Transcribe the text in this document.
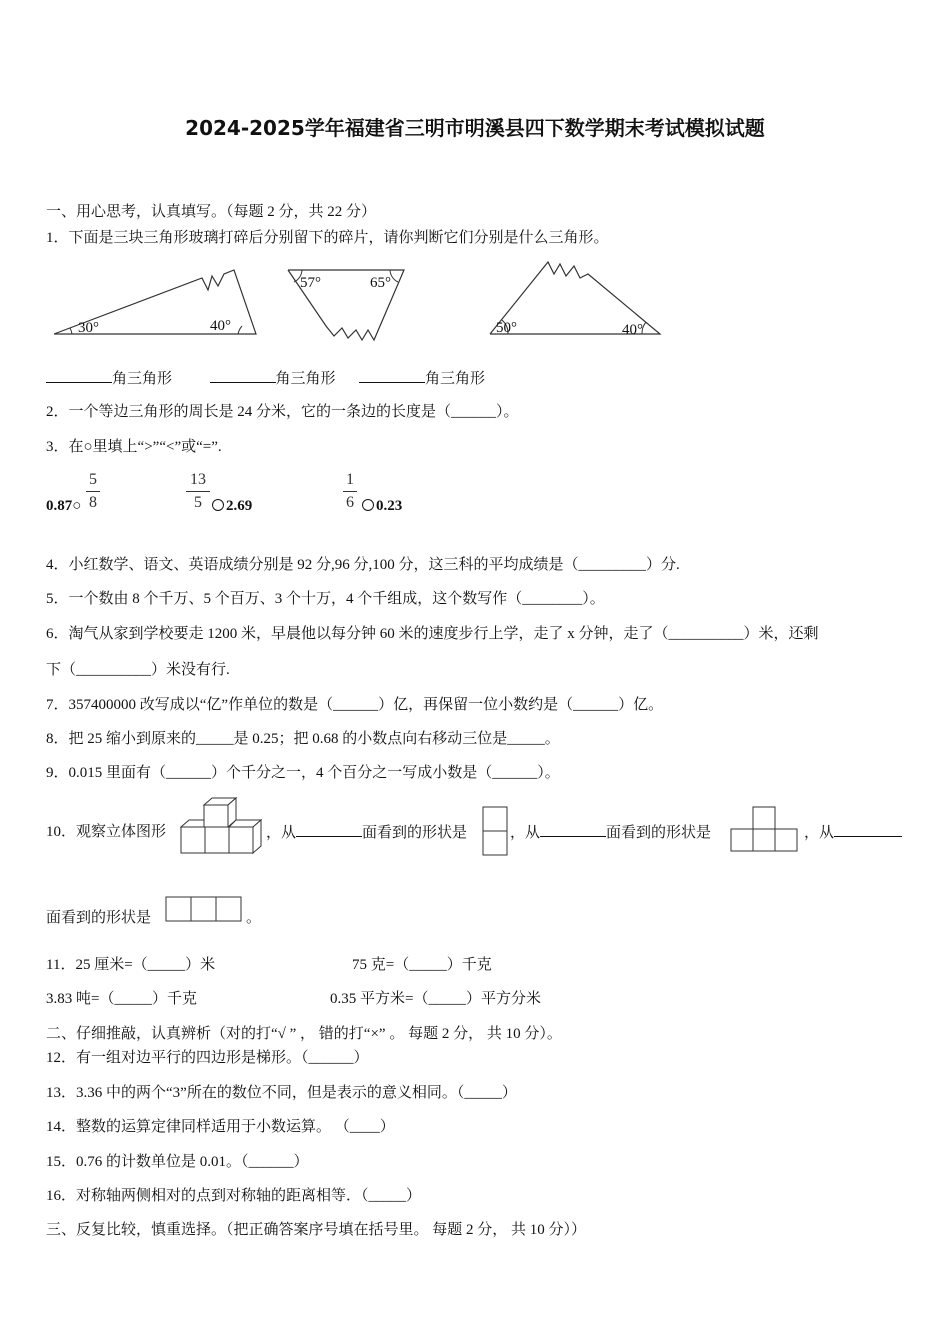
2024-2025学年福建省三明市明溪县四下数学期末考试模拟试题
一、用心思考，认真填写。（每题 2 分，共 22 分）
1．下面是三块三角形玻璃打碎后分别留下的碎片，请你判断它们分别是什么三角形。
30°	40°
57°	65°
50°	40°
角三角形	角三角形	角三角形
2．一个等边三角形的周长是 24 分米，它的一条边的长度是（______）。
3．在○里填上“>”“<”或“=”.
0.87○
5
8
13
5	2.69
1
6	0.23
4．小红数学、语文、英语成绩分别是 92 分,96 分,100 分，这三科的平均成绩是（_________）分.
5．一个数由 8 个千万、5 个百万、3 个十万，4 个千组成，这个数写作（________）。
6．淘气从家到学校要走 1200 米，早晨他以每分钟 60 米的速度步行上学，走了 x 分钟，走了（__________）米，还剩
下（__________）米没有行.
7．357400000 改写成以“亿”作单位的数是（______）亿，再保留一位小数约是（______）亿。
8．把 25 缩小到原来的_____是 0.25；把 0.68 的小数点向右移动三位是_____。
9．0.015 里面有（______）个千分之一，4 个百分之一写成小数是（______）。
10．观察立体图形	，从	面看到的形状是	，从	面看到的形状是	，从
面看到的形状是	。
11．25 厘米=（_____）米	75 克=（_____）千克
3.83 吨=（_____）千克	0.35 平方米=（_____）平方分米
二、仔细推敲，认真辨析（对的打“√ ” ， 错的打“×” 。 每题 2 分， 共 10 分）。
12．有一组对边平行的四边形是梯形。（______）
13．3.36 中的两个“3”所在的数位不同，但是表示的意义相同。（_____）
14．整数的运算定律同样适用于小数运算。 （____）
15．0.76 的计数单位是 0.01。（______）
16．对称轴两侧相对的点到对称轴的距离相等．（_____）
三、反复比较，慎重选择。（把正确答案序号填在括号里。 每题 2 分， 共 10 分））
